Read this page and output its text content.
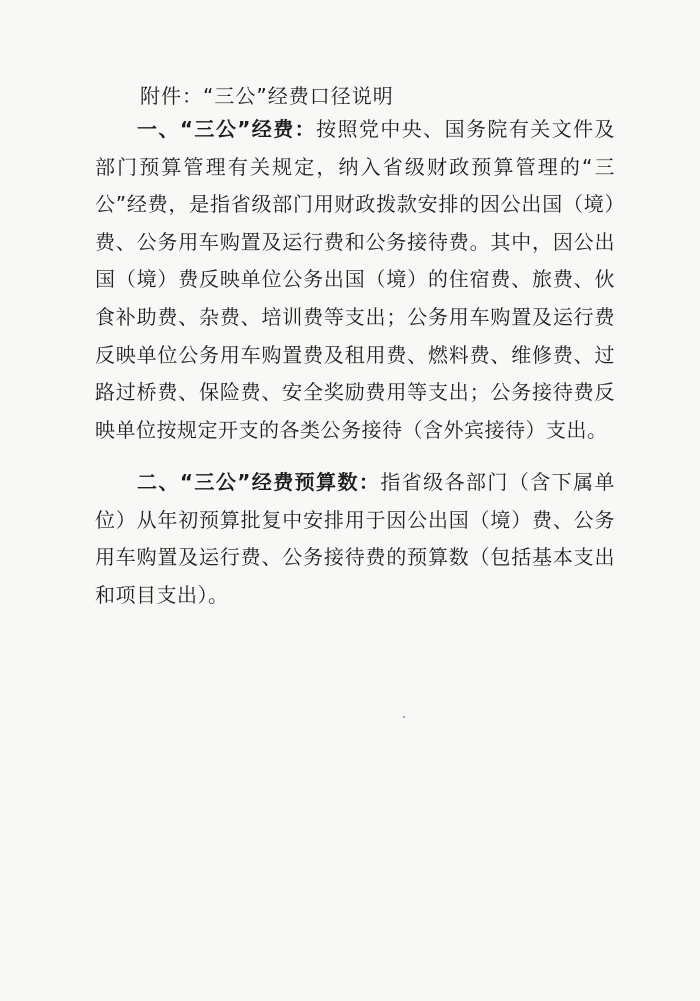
附件：“三公”经费口径说明

一、“三公”经费：按照党中央、国务院有关文件及部门预算管理有关规定，纳入省级财政预算管理的“三公”经费，是指省级部门用财政拨款安排的因公出国（境）费、公务用车购置及运行费和公务接待费。其中，因公出国（境）费反映单位公务出国（境）的住宿费、旅费、伙食补助费、杂费、培训费等支出；公务用车购置及运行费反映单位公务用车购置费及租用费、燃料费、维修费、过路过桥费、保险费、安全奖励费用等支出；公务接待费反映单位按规定开支的各类公务接待（含外宾接待）支出。

二、“三公”经费预算数：指省级各部门（含下属单位）从年初预算批复中安排用于因公出国（境）费、公务用车购置及运行费、公务接待费的预算数（包括基本支出和项目支出）。
